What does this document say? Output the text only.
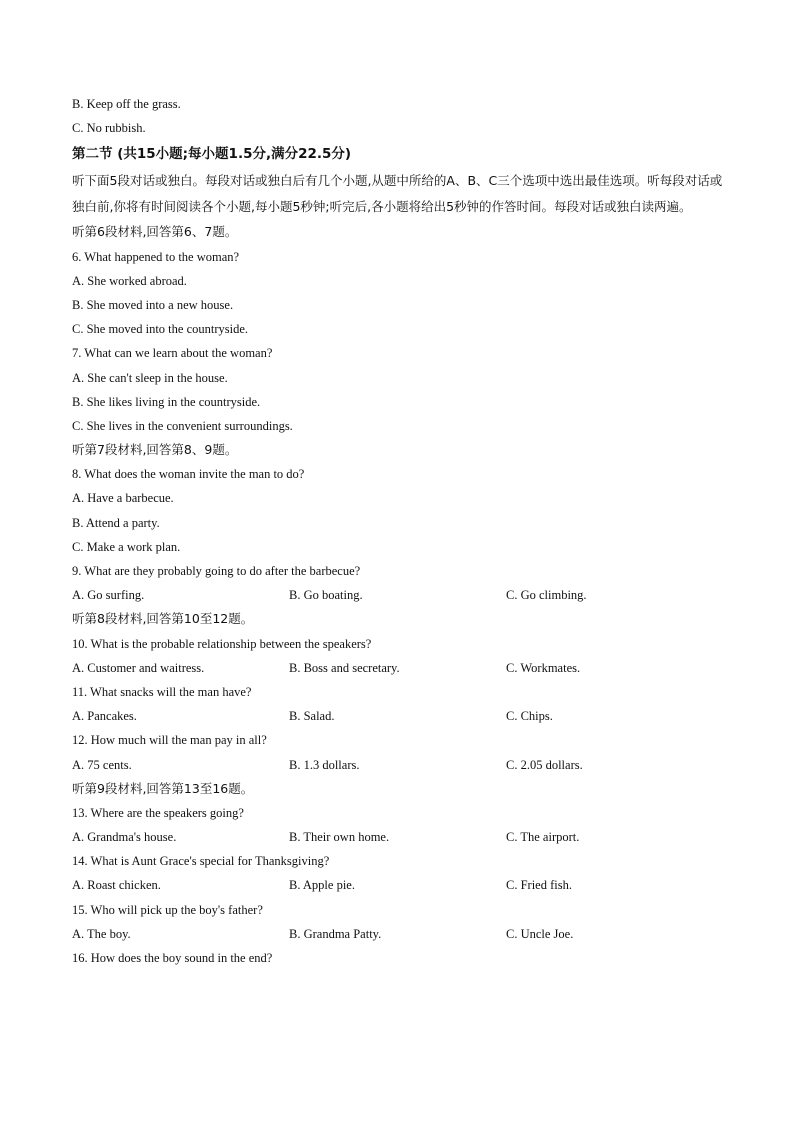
B. Keep off the grass.
C. No rubbish.
第二节 (共15小题;每小题1.5分,满分22.5分)
听下面5段对话或独白。每段对话或独白后有几个小题,从题中所给的A、B、C三个选项中选出最佳选项。听每段对话或独白前,你将有时间阅读各个小题,每小题5秒钟;听完后,各小题将给出5秒钟的作答时间。每段对话或独白读两遍。
听第6段材料,回答第6、7题。
6. What happened to the woman?
A. She worked abroad.
B. She moved into a new house.
C. She moved into the countryside.
7. What can we learn about the woman?
A. She can't sleep in the house.
B. She likes living in the countryside.
C. She lives in the convenient surroundings.
听第7段材料,回答第8、9题。
8. What does the woman invite the man to do?
A. Have a barbecue.
B. Attend a party.
C. Make a work plan.
9. What are they probably going to do after the barbecue?
A. Go surfing.	B. Go boating.	C. Go climbing.
听第8段材料,回答第10至12题。
10. What is the probable relationship between the speakers?
A. Customer and waitress.	B. Boss and secretary.	C. Workmates.
11. What snacks will the man have?
A. Pancakes.	B. Salad.	C. Chips.
12. How much will the man pay in all?
A. 75 cents.	B. 1.3 dollars.	C. 2.05 dollars.
听第9段材料,回答第13至16题。
13. Where are the speakers going?
A. Grandma's house.	B. Their own home.	C. The airport.
14. What is Aunt Grace's special for Thanksgiving?
A. Roast chicken.	B. Apple pie.	C. Fried fish.
15. Who will pick up the boy's father?
A. The boy.	B. Grandma Patty.	C. Uncle Joe.
16. How does the boy sound in the end?
